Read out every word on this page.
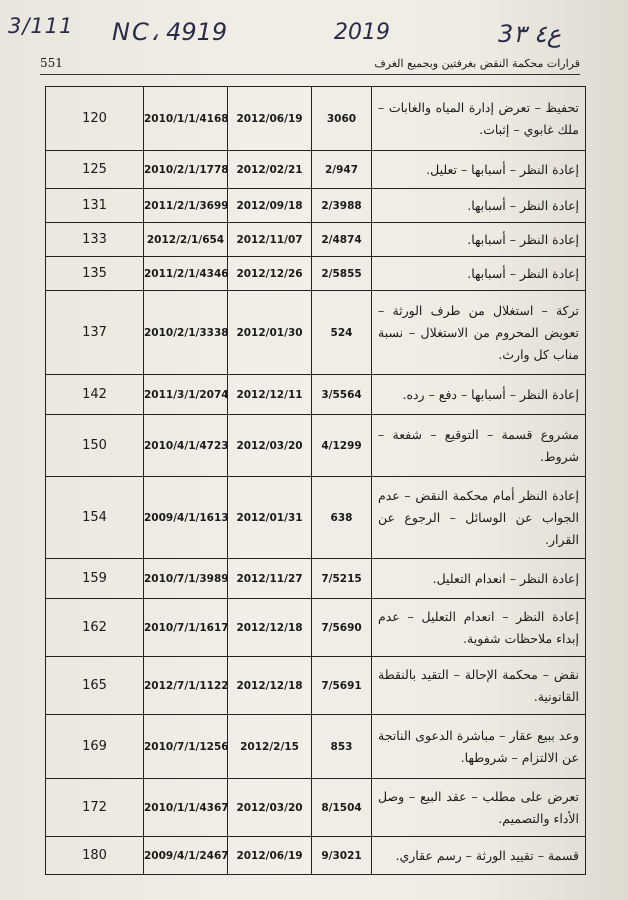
3/111 NC، 4919	2019	3ع٤ ٣
551	قرارات محكمة النقض بغرفتين وبجميع الغرف
120	2010/1/1/4168	2012/06/19	3060	تحفيظ – تعرض إدارة المياه والغابات – ملك غابوي – إثبات.
125	2010/2/1/1778	2012/02/21	2/947	إعادة النظر – أسبابها – تعليل.
131	2011/2/1/3699	2012/09/18	2/3988	إعادة النظر – أسبابها.
133	2012/2/1/654	2012/11/07	2/4874	إعادة النظر – أسبابها.
135	2011/2/1/4346	2012/12/26	2/5855	إعادة النظر – أسبابها.
137	2010/2/1/3338	2012/01/30	524	تركة – استغلال من طرف الورثة – تعويض المحروم من الاستغلال – نسبة مناب كل وارث.
142	2011/3/1/2074	2012/12/11	3/5564	إعادة النظر – أسبابها – دفع – رده.
150	2010/4/1/4723	2012/03/20	4/1299	مشروع قسمة – التوقيع – شفعة – شروط.
154	2009/4/1/1613	2012/01/31	638	إعادة النظر أمام محكمة النقض – عدم الجواب عن الوسائل – الرجوع عن القرار.
159	2010/7/1/3989	2012/11/27	7/5215	إعادة النظر – انعدام التعليل.
162	2010/7/1/1617	2012/12/18	7/5690	إعادة النظر – انعدام التعليل – عدم إبداء ملاحظات شفوية.
165	2012/7/1/1122	2012/12/18	7/5691	نقض – محكمة الإحالة – التقيد بالنقطة القانونية.
169	2010/7/1/1256	2012/2/15	853	وعد ببيع عقار – مباشرة الدعوى الناتجة عن الالتزام – شروطها.
172	2010/1/1/4367	2012/03/20	8/1504	تعرض على مطلب – عقد البيع – وصل الأداء والتصميم.
180	2009/4/1/2467	2012/06/19	9/3021	قسمة – تقييد الورثة – رسم عقاري.
